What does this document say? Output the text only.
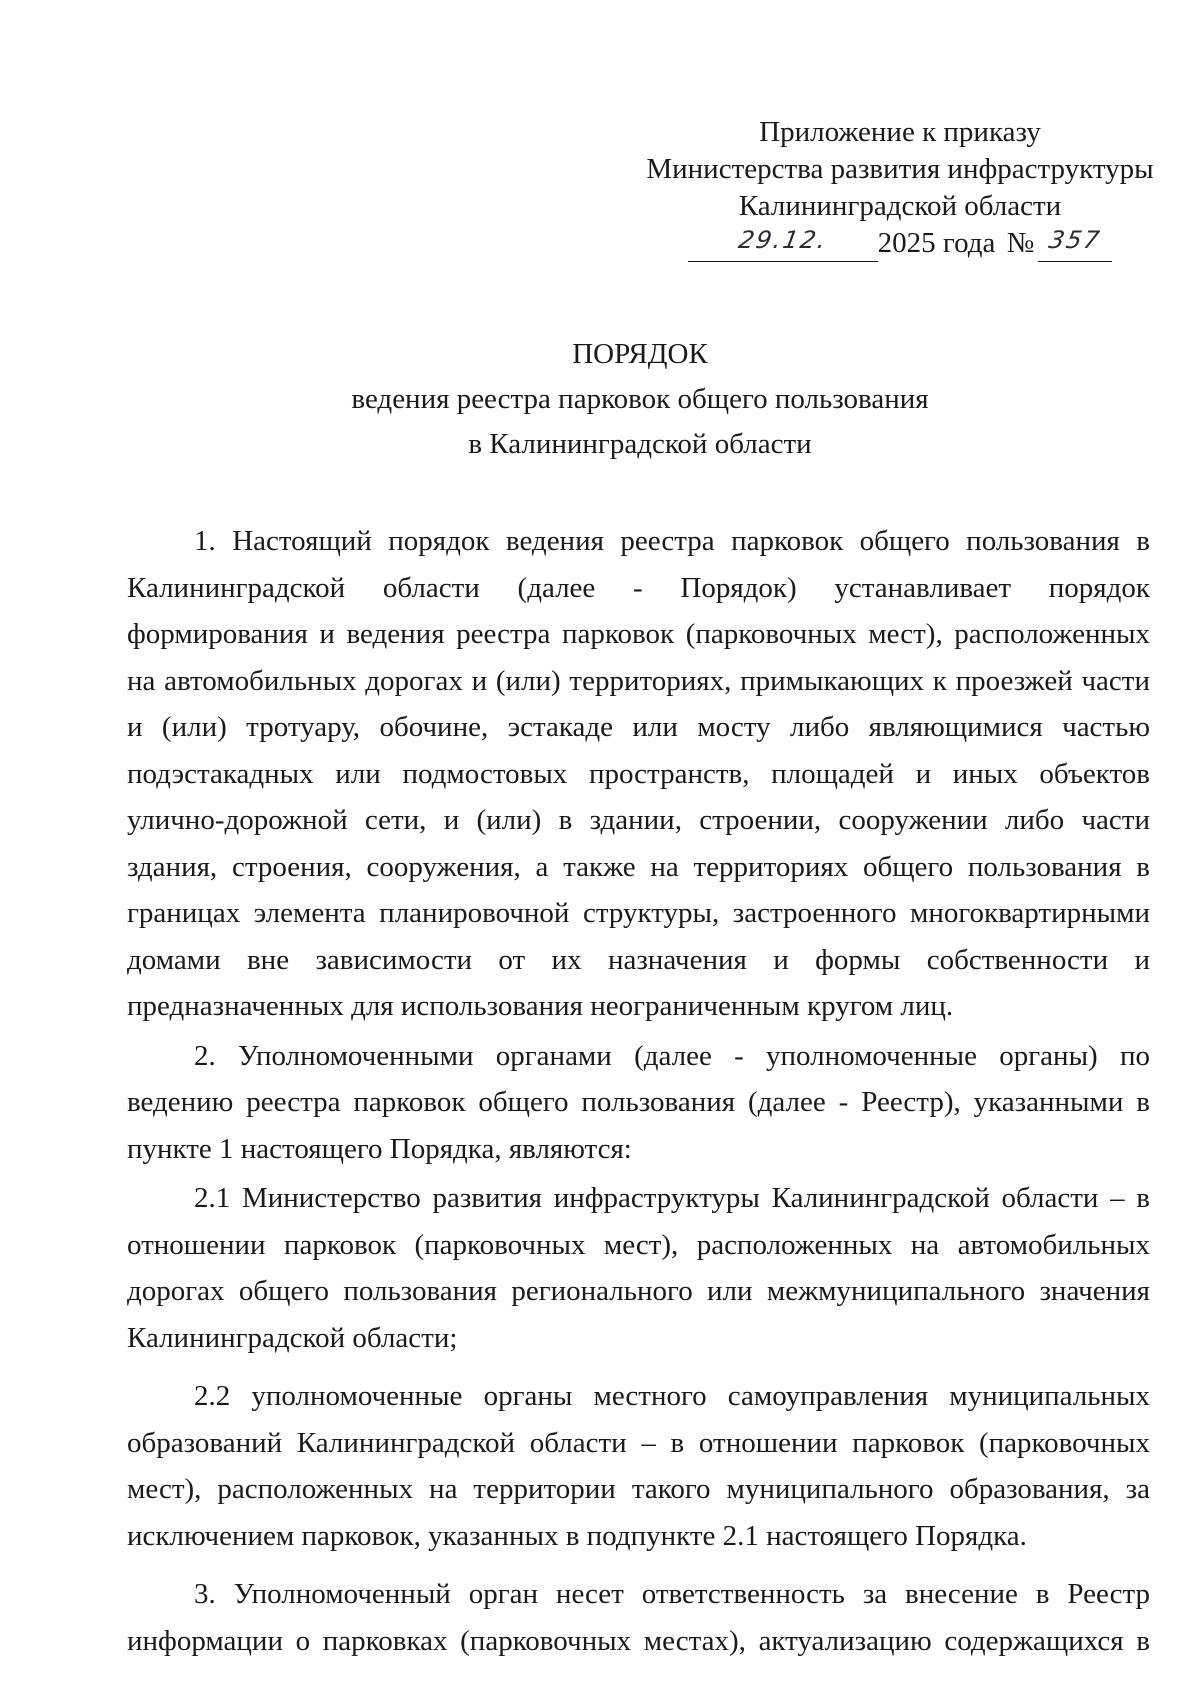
Приложение к приказу
Министерства развития инфраструктуры
Калининградской области
29.12.	2025 года № 357
ПОРЯДОК
ведения реестра парковок общего пользования
в Калининградской области

1. Настоящий порядок ведения реестра парковок общего пользования в Калининградской области (далее - Порядок) устанавливает порядок формирования и ведения реестра парковок (парковочных мест), расположенных на автомобильных дорогах и (или) территориях, примыкающих к проезжей части и (или) тротуару, обочине, эстакаде или мосту либо являющимися частью подэстакадных или подмостовых пространств, площадей и иных объектов улично-дорожной сети, и (или) в здании, строении, сооружении либо части здания, строения, сооружения, а также на территориях общего пользования в границах элемента планировочной структуры, застроенного многоквартирными домами вне зависимости от их назначения и формы собственности и предназначенных для использования неограниченным кругом лиц.

2. Уполномоченными органами (далее - уполномоченные органы) по ведению реестра парковок общего пользования (далее - Реестр), указанными в пункте 1 настоящего Порядка, являются:

2.1 Министерство развития инфраструктуры Калининградской области – в отношении парковок (парковочных мест), расположенных на автомобильных дорогах общего пользования регионального или межмуниципального значения Калининградской области;

2.2 уполномоченные органы местного самоуправления муниципальных образований Калининградской области – в отношении парковок (парковочных мест), расположенных на территории такого муниципального образования, за исключением парковок, указанных в подпункте 2.1 настоящего Порядка.

3. Уполномоченный орган несет ответственность за внесение в Реестр информации о парковках (парковочных местах), актуализацию содержащихся в
